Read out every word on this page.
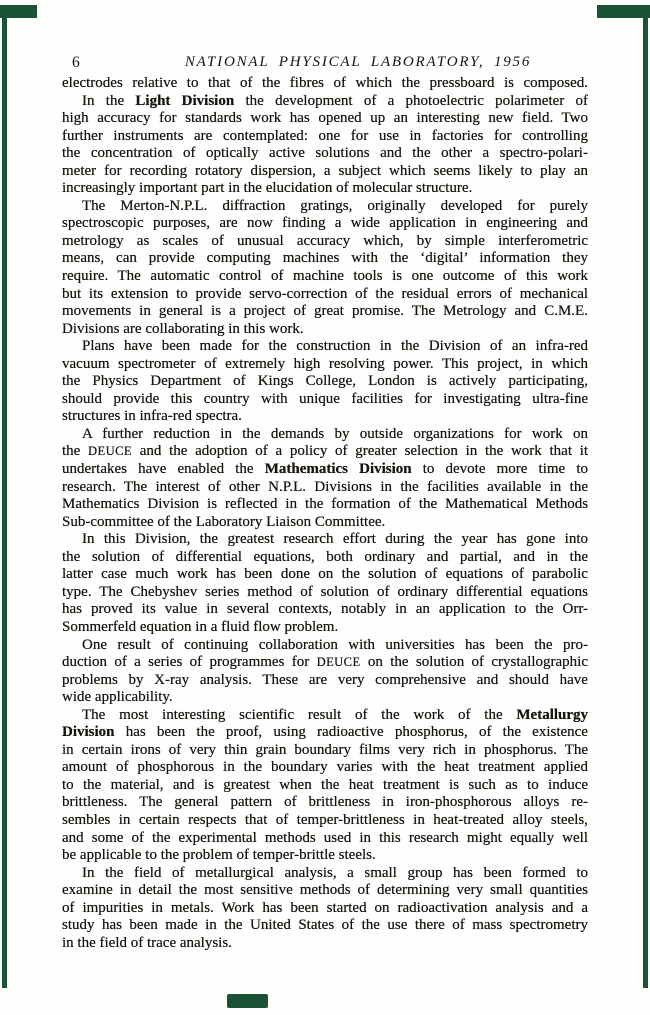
6	NATIONAL PHYSICAL LABORATORY, 1956
electrodes relative to that of the fibres of which the pressboard is composed.
In the Light Division the development of a photoelectric polarimeter of
high accuracy for standards work has opened up an interesting new field. Two
further instruments are contemplated: one for use in factories for controlling
the concentration of optically active solutions and the other a spectro-polari-
meter for recording rotatory dispersion, a subject which seems likely to play an
increasingly important part in the elucidation of molecular structure.
The Merton-N.P.L. diffraction gratings, originally developed for purely
spectroscopic purposes, are now finding a wide application in engineering and
metrology as scales of unusual accuracy which, by simple interferometric
means, can provide computing machines with the ‘digital’ information they
require. The automatic control of machine tools is one outcome of this work
but its extension to provide servo-correction of the residual errors of mechanical
movements in general is a project of great promise. The Metrology and C.M.E.
Divisions are collaborating in this work.
Plans have been made for the construction in the Division of an infra-red
vacuum spectrometer of extremely high resolving power. This project, in which
the Physics Department of Kings College, London is actively participating,
should provide this country with unique facilities for investigating ultra-fine
structures in infra-red spectra.
A further reduction in the demands by outside organizations for work on
the DEUCE and the adoption of a policy of greater selection in the work that it
undertakes have enabled the Mathematics Division to devote more time to
research. The interest of other N.P.L. Divisions in the facilities available in the
Mathematics Division is reflected in the formation of the Mathematical Methods
Sub-committee of the Laboratory Liaison Committee.
In this Division, the greatest research effort during the year has gone into
the solution of differential equations, both ordinary and partial, and in the
latter case much work has been done on the solution of equations of parabolic
type. The Chebyshev series method of solution of ordinary differential equations
has proved its value in several contexts, notably in an application to the Orr-
Sommerfeld equation in a fluid flow problem.
One result of continuing collaboration with universities has been the pro-
duction of a series of programmes for DEUCE on the solution of crystallographic
problems by X-ray analysis. These are very comprehensive and should have
wide applicability.
The most interesting scientific result of the work of the Metallurgy
Division has been the proof, using radioactive phosphorus, of the existence
in certain irons of very thin grain boundary films very rich in phosphorus. The
amount of phosphorous in the boundary varies with the heat treatment applied
to the material, and is greatest when the heat treatment is such as to induce
brittleness. The general pattern of brittleness in iron-phosphorous alloys re-
sembles in certain respects that of temper-brittleness in heat-treated alloy steels,
and some of the experimental methods used in this research might equally well
be applicable to the problem of temper-brittle steels.
In the field of metallurgical analysis, a small group has been formed to
examine in detail the most sensitive methods of determining very small quantities
of impurities in metals. Work has been started on radioactivation analysis and a
study has been made in the United States of the use there of mass spectrometry
in the field of trace analysis.
